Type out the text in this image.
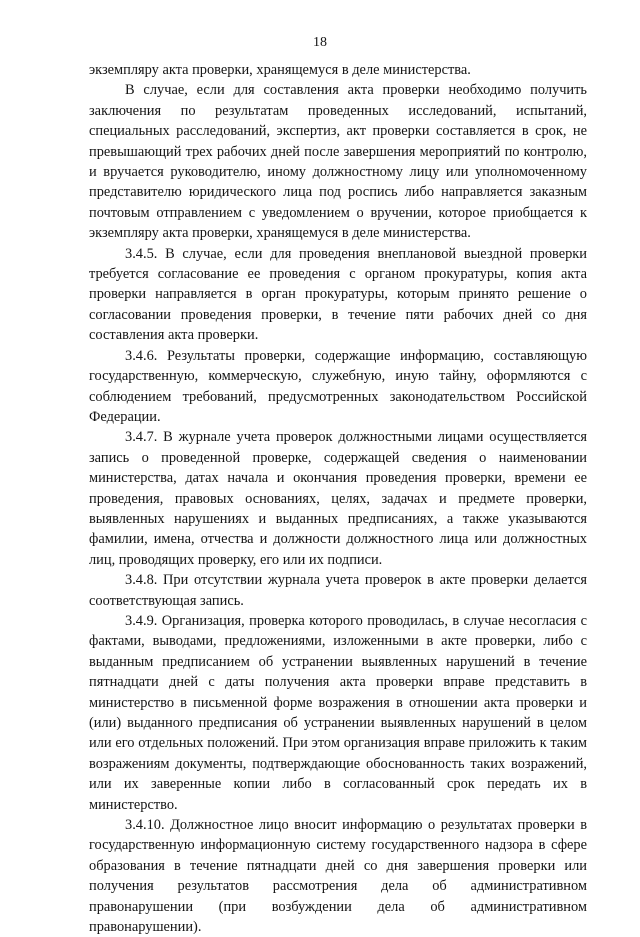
18

экземпляру акта проверки, хранящемуся в деле министерства.

В случае, если для составления акта проверки необходимо получить заключения по результатам проведенных исследований, испытаний, специальных расследований, экспертиз, акт проверки составляется в срок, не превышающий трех рабочих дней после завершения мероприятий по контролю, и вручается руководителю, иному должностному лицу или уполномоченному представителю юридического лица под роспись либо направляется заказным почтовым отправлением с уведомлением о вручении, которое приобщается к экземпляру акта проверки, хранящемуся в деле министерства.

3.4.5. В случае, если для проведения внеплановой выездной проверки требуется согласование ее проведения с органом прокуратуры, копия акта проверки направляется в орган прокуратуры, которым принято решение о согласовании проведения проверки, в течение пяти рабочих дней со дня составления акта проверки.

3.4.6. Результаты проверки, содержащие информацию, составляющую государственную, коммерческую, служебную, иную тайну, оформляются с соблюдением требований, предусмотренных законодательством Российской Федерации.

3.4.7. В журнале учета проверок должностными лицами осуществляется запись о проведенной проверке, содержащей сведения о наименовании министерства, датах начала и окончания проведения проверки, времени ее проведения, правовых основаниях, целях, задачах и предмете проверки, выявленных нарушениях и выданных предписаниях, а также указываются фамилии, имена, отчества и должности должностного лица или должностных лиц, проводящих проверку, его или их подписи.

3.4.8. При отсутствии журнала учета проверок в акте проверки делается соответствующая запись.

3.4.9. Организация, проверка которого проводилась, в случае несогласия с фактами, выводами, предложениями, изложенными в акте проверки, либо с выданным предписанием об устранении выявленных нарушений в течение пятнадцати дней с даты получения акта проверки вправе представить в министерство в письменной форме возражения в отношении акта проверки и (или) выданного предписания об устранении выявленных нарушений в целом или его отдельных положений. При этом организация вправе приложить к таким возражениям документы, подтверждающие обоснованность таких возражений, или их заверенные копии либо в согласованный срок передать их в министерство.

3.4.10. Должностное лицо вносит информацию о результатах проверки в государственную информационную систему государственного надзора в сфере образования в течение пятнадцати дней со дня завершения проверки или получения результатов рассмотрения дела об административном правонарушении (при возбуждении дела об административном правонарушении).
